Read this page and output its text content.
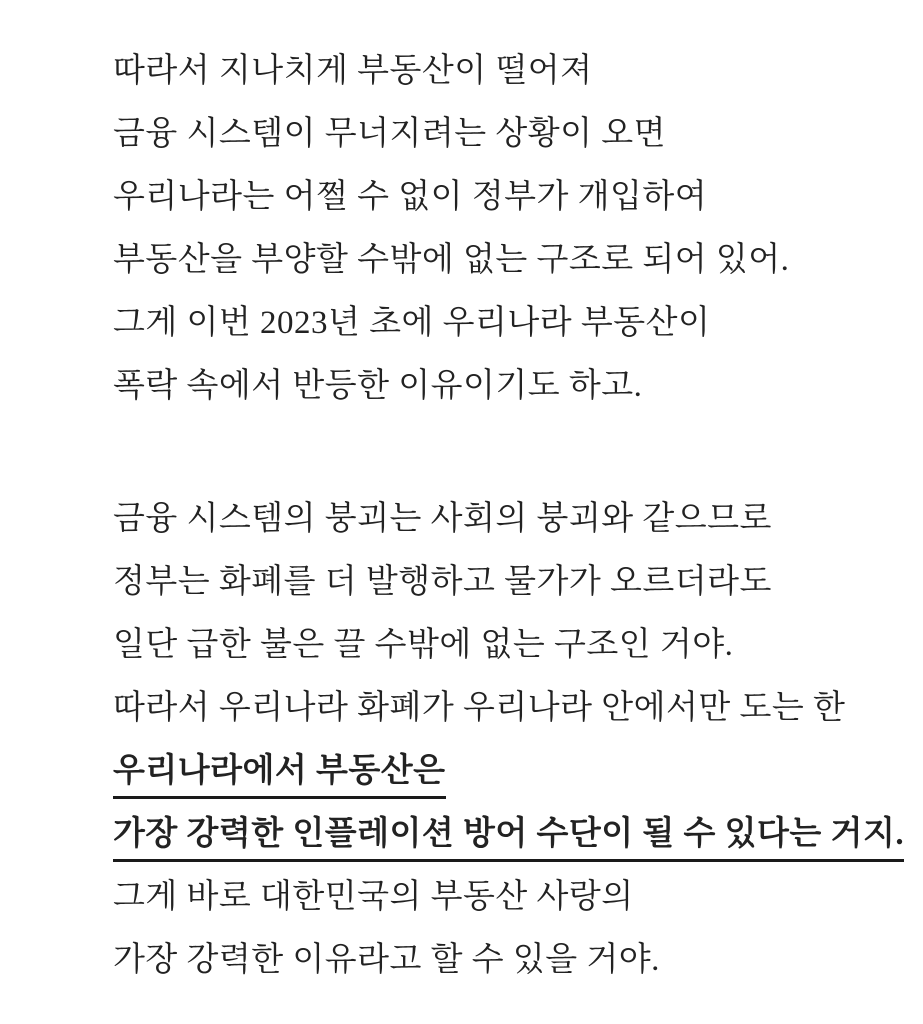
따라서 지나치게 부동산이 떨어져

금융 시스템이 무너지려는 상황이 오면

우리나라는 어쩔 수 없이 정부가 개입하여

부동산을 부양할 수밖에 없는 구조로 되어 있어.

그게 이번 2023년 초에 우리나라 부동산이

폭락 속에서 반등한 이유이기도 하고.

금융 시스템의 붕괴는 사회의 붕괴와 같으므로

정부는 화폐를 더 발행하고 물가가 오르더라도

일단 급한 불은 끌 수밖에 없는 구조인 거야.

따라서 우리나라 화폐가 우리나라 안에서만 도는 한

우리나라에서 부동산은

가장 강력한 인플레이션 방어 수단이 될 수 있다는 거지.

그게 바로 대한민국의 부동산 사랑의

가장 강력한 이유라고 할 수 있을 거야.
